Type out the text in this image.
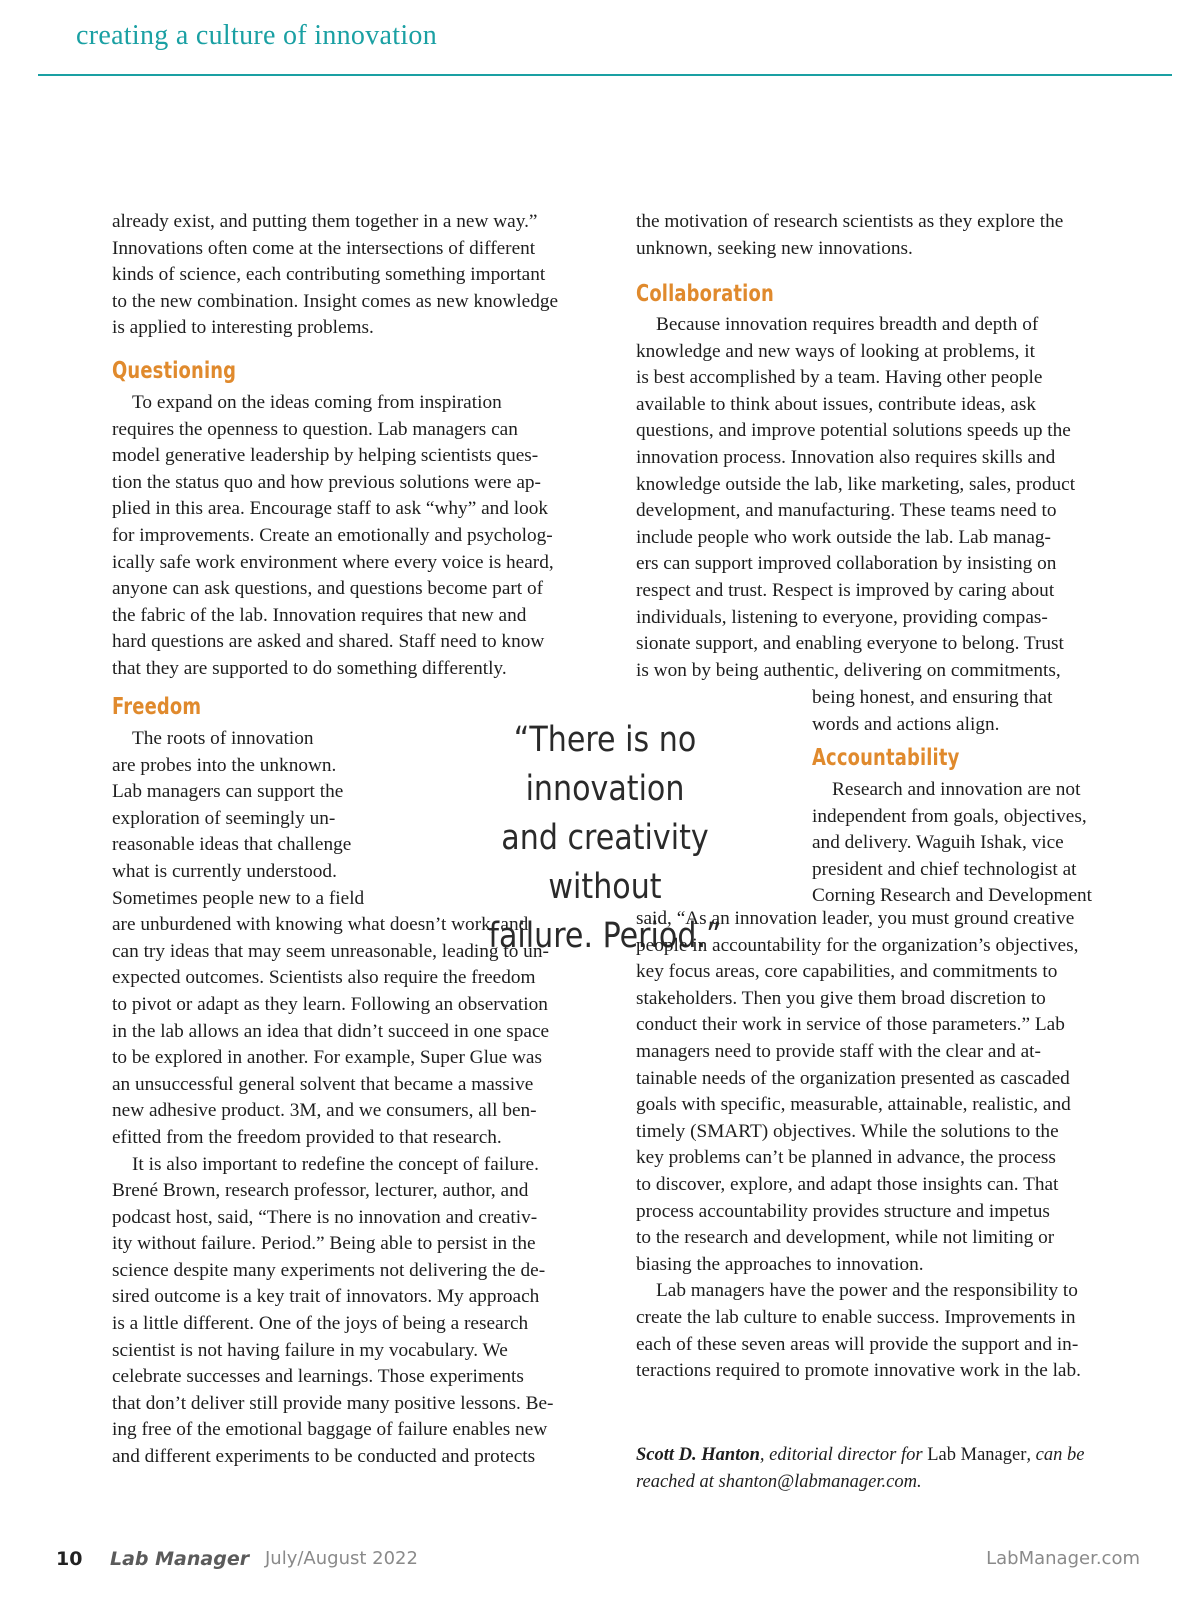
creating a culture of innovation

already exist, and putting them together in a new way.”
Innovations often come at the intersections of different
kinds of science, each contributing something important
to the new combination. Insight comes as new knowledge
is applied to interesting problems.

Questioning

To expand on the ideas coming from inspiration
requires the openness to question. Lab managers can
model generative leadership by helping scientists ques-
tion the status quo and how previous solutions were ap-
plied in this area. Encourage staff to ask “why” and look
for improvements. Create an emotionally and psycholog-
ically safe work environment where every voice is heard,
anyone can ask questions, and questions become part of
the fabric of the lab. Innovation requires that new and
hard questions are asked and shared. Staff need to know
that they are supported to do something differently.

Freedom

The roots of innovation
are probes into the unknown.
Lab managers can support the
exploration of seemingly un-
reasonable ideas that challenge
what is currently understood.
Sometimes people new to a field
are unburdened with knowing what doesn’t work, and
can try ideas that may seem unreasonable, leading to un-
expected outcomes. Scientists also require the freedom
to pivot or adapt as they learn. Following an observation
in the lab allows an idea that didn’t succeed in one space
to be explored in another. For example, Super Glue was
an unsuccessful general solvent that became a massive
new adhesive product. 3M, and we consumers, all ben-
efitted from the freedom provided to that research.
It is also important to redefine the concept of failure.
Brené Brown, research professor, lecturer, author, and
podcast host, said, “There is no innovation and creativ-
ity without failure. Period.” Being able to persist in the
science despite many experiments not delivering the de-
sired outcome is a key trait of innovators. My approach
is a little different. One of the joys of being a research
scientist is not having failure in my vocabulary. We
celebrate successes and learnings. Those experiments
that don’t deliver still provide many positive lessons. Be-
ing free of the emotional baggage of failure enables new
and different experiments to be conducted and protects

“There is no innovation
and creativity without
failure. Period.”

the motivation of research scientists as they explore the
unknown, seeking new innovations.

Collaboration

Because innovation requires breadth and depth of
knowledge and new ways of looking at problems, it
is best accomplished by a team. Having other people
available to think about issues, contribute ideas, ask
questions, and improve potential solutions speeds up the
innovation process. Innovation also requires skills and
knowledge outside the lab, like marketing, sales, product
development, and manufacturing. These teams need to
include people who work outside the lab. Lab manag-
ers can support improved collaboration by insisting on
respect and trust. Respect is improved by caring about
individuals, listening to everyone, providing compas-
sionate support, and enabling everyone to belong. Trust
is won by being authentic, delivering on commitments,

being honest, and ensuring that
words and actions align.

Accountability

Research and innovation are not
independent from goals, objectives,
and delivery. Waguih Ishak, vice
president and chief technologist at
Corning Research and Development

said, “As an innovation leader, you must ground creative
people in accountability for the organization’s objectives,
key focus areas, core capabilities, and commitments to
stakeholders. Then you give them broad discretion to
conduct their work in service of those parameters.” Lab
managers need to provide staff with the clear and at-
tainable needs of the organization presented as cascaded
goals with specific, measurable, attainable, realistic, and
timely (SMART) objectives. While the solutions to the
key problems can’t be planned in advance, the process
to discover, explore, and adapt those insights can. That
process accountability provides structure and impetus
to the research and development, while not limiting or
biasing the approaches to innovation.
Lab managers have the power and the responsibility to
create the lab culture to enable success. Improvements in
each of these seven areas will provide the support and in-
teractions required to promote innovative work in the lab.

Scott D. Hanton, editorial director for Lab Manager, can be
reached at shanton@labmanager.com.
10 Lab Manager July/August 2022	LabManager.com
